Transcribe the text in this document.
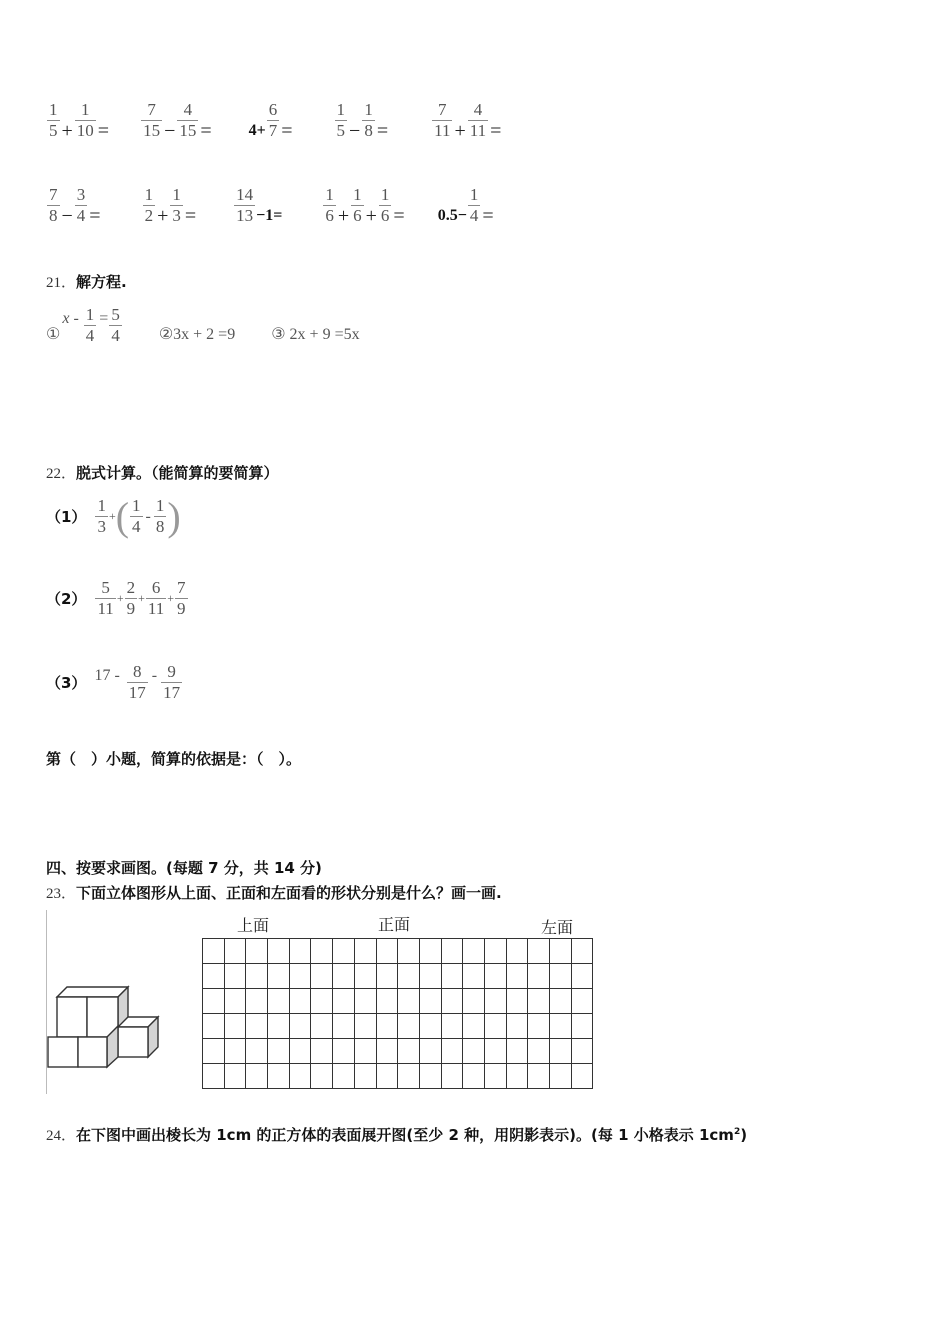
$\frac{1}{5} + \frac{1}{10} = \frac{7}{15} - \frac{4}{15} = 4+ \frac{6}{7} = \frac{1}{5} - \frac{1}{8}$ =	$\frac{7}{11} + \frac{4}{11}$ =
$\frac{7}{8} - \frac{3}{4} = \frac{1}{2} + \frac{1}{3} = \frac{14}{13} -1= \frac{1}{6} + \frac{1}{6} + \frac{1}{6} = 0.5- \frac{1}{4}$ =
21．解方程.
①
$x - \frac{1}{4} = \frac{5}{4}$ ②3x + 2 =9 ③ 2x + 9 =5x
22．脱式计算。（能简算的要简算）
$(1) \frac{1}{3}$ + ( $\frac{1}{4} - \frac{1}{8}$ )
$(2) \frac{5}{11} + \frac{2}{9} + \frac{6}{11} + \frac{7}{9}$
（3） $17 - \frac{8}{17} - \frac{9}{17}$
第（　）小题，简算的依据是：（　）。
四、按要求画图。(每题 7 分，共 14 分)
23．下面立体图形从上面、正面和左面看的形状分别是什么？画一画.
上面	正面	左面

24．在下图中画出棱长为 1cm 的正方体的表面展开图(至少 2 种，用阴影表示)。(每 1 小格表示 $1cm^2$)
